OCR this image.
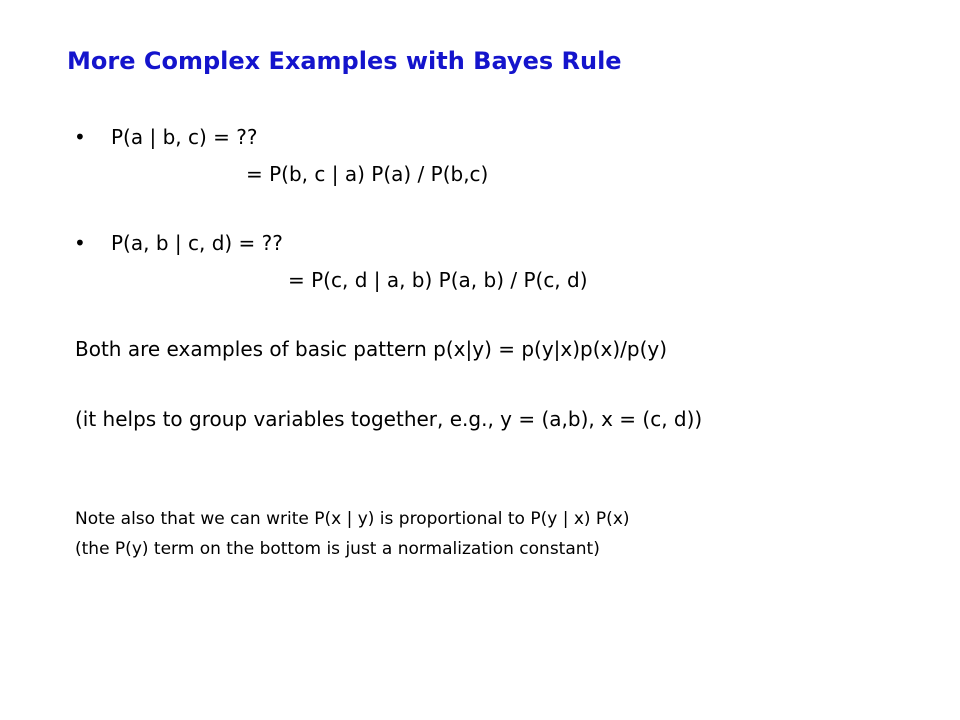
More Complex Examples with Bayes Rule
• P(a | b, c) = ??
= P(b, c | a) P(a) / P(b,c)
• P(a, b | c, d) = ??
= P(c, d | a, b) P(a, b) / P(c, d)
Both are examples of basic pattern p(x|y) = p(y|x)p(x)/p(y)
(it helps to group variables together, e.g., y = (a,b), x = (c, d))
Note also that we can write P(x | y) is proportional to P(y | x) P(x)
(the P(y) term on the bottom is just a normalization constant)
